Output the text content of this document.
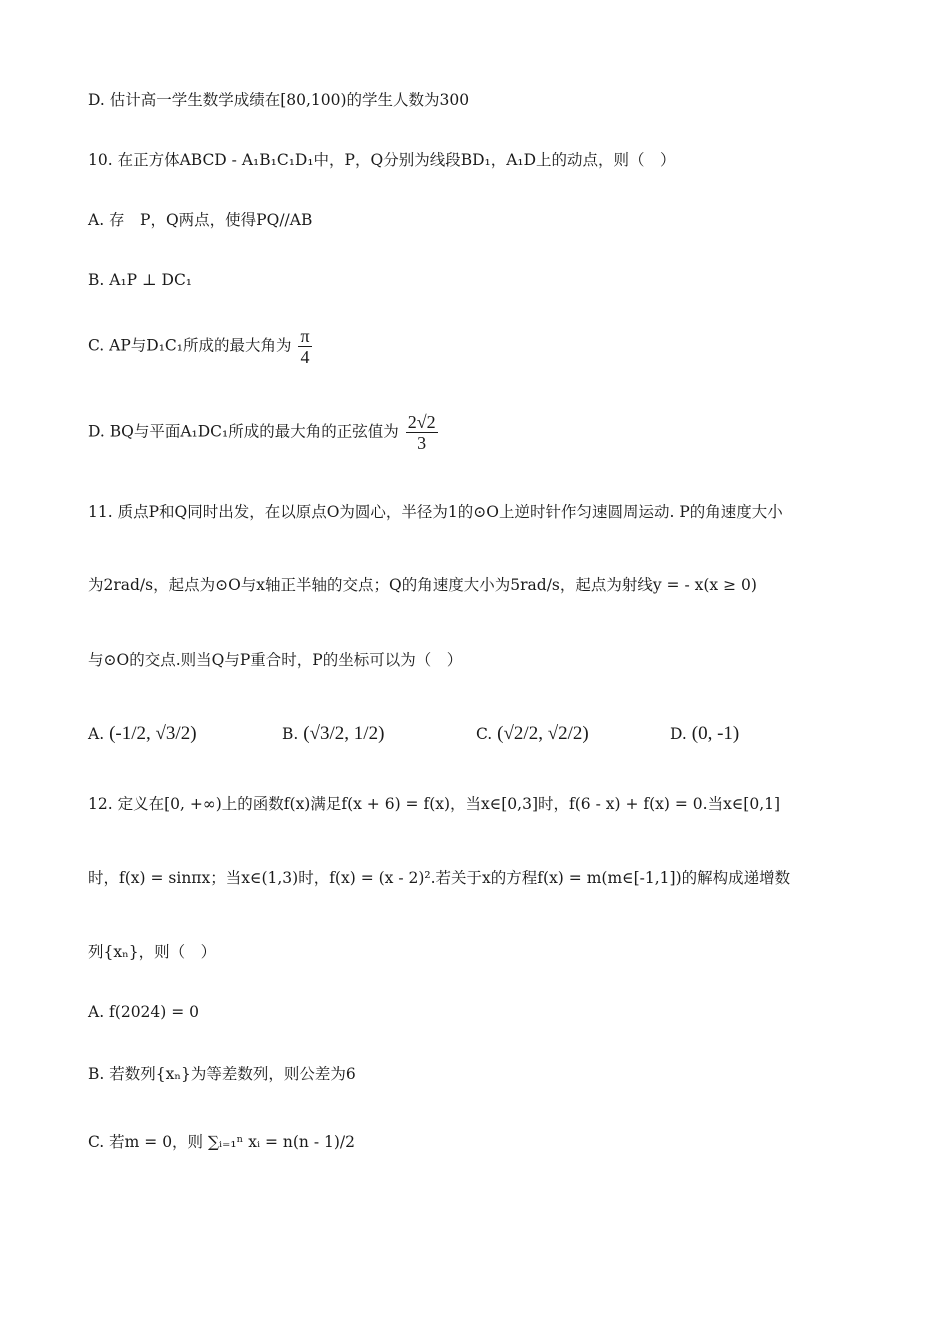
D. 估计高一学生数学成绩在[80,100)的学生人数为300
10. 在正方体ABCD - A₁B₁C₁D₁中，P，Q分别为线段BD₁，A₁D上的动点，则（　）
A. 存　P，Q两点，使得PQ//AB
B. A₁P ⊥ DC₁
C. AP与D₁C₁所成的最大角为 $\frac{\pi}{4}$
D. BQ与平面A₁DC₁所成的最大角的正弦值为 $\frac{2√2}{3}$
11. 质点P和Q同时出发，在以原点O为圆心，半径为1的⊙O上逆时针作匀速圆周运动. P的角速度大小
为2rad/s，起点为⊙O与x轴正半轴的交点；Q的角速度大小为5rad/s，起点为射线y = - x(x ≥ 0)
与⊙O的交点.则当Q与P重合时，P的坐标可以为（　）
A. (-1/2, √3/2)	B. (√3/2, 1/2)	C. (√2/2, √2/2)	D. (0, -1)
12. 定义在[0, +∞)上的函数f(x)满足f(x + 6) = f(x)，当x∈[0,3]时，f(6 - x) + f(x) = 0.当x∈[0,1]
时，f(x) = sinπx；当x∈(1,3)时，f(x) = (x - 2)².若关于x的方程f(x) = m(m∈[-1,1])的解构成递增数
列{xₙ}，则（　）
A. f(2024) = 0
B. 若数列{xₙ}为等差数列，则公差为6
C. 若m = 0，则 ∑ᵢ₌₁ⁿ xᵢ = n(n - 1)/2
